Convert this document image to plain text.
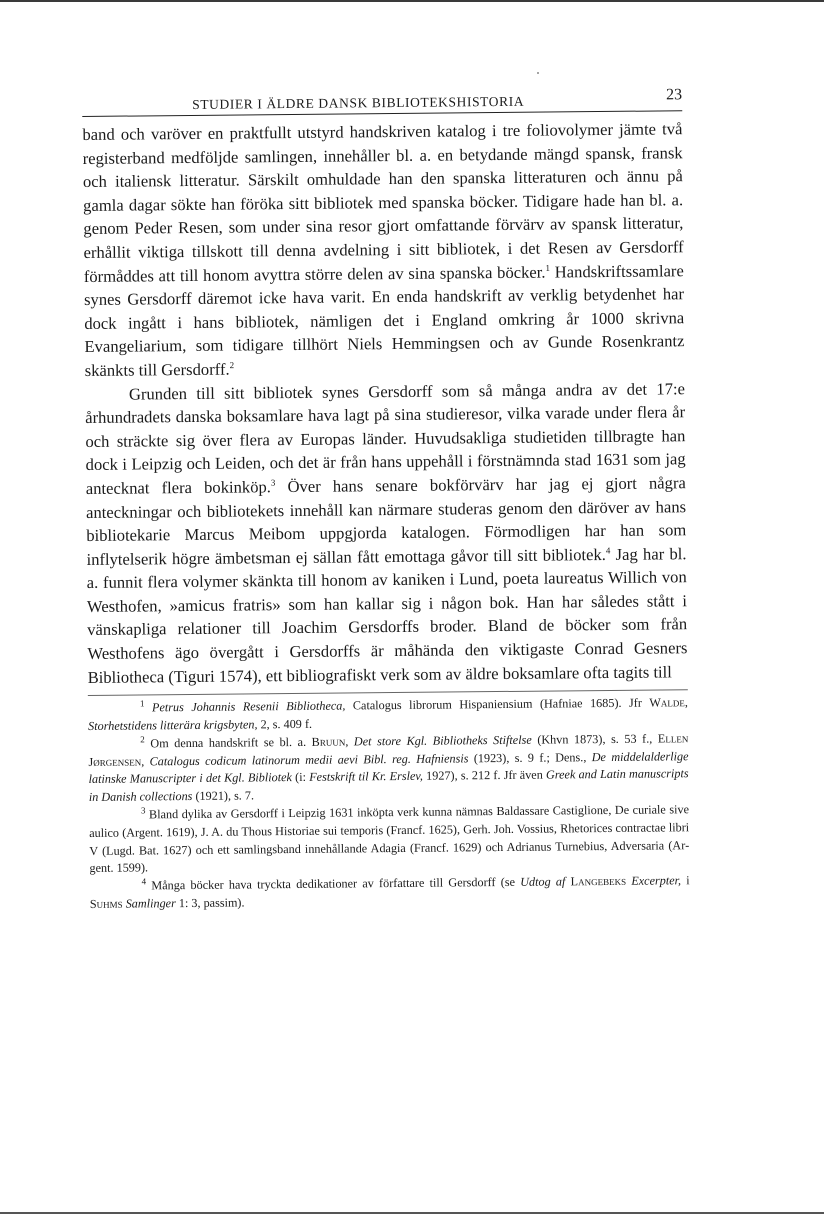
STUDIER I ÄLDRE DANSK BIBLIOTEKSHISTORIA	23

band och varöver en praktfullt utstyrd handskriven katalog i tre foliovolymer jämte två registerband medföljde samlingen, innehåller bl. a. en betydande mängd spansk, fransk och italiensk litteratur. Särskilt omhuldade han den spanska litteraturen och ännu på gamla dagar sökte han föröka sitt bibliotek med spanska böcker. Tidigare hade han bl. a. genom Peder Resen, som under sina resor gjort omfattande förvärv av spansk litteratur, erhållit viktiga tillskott till denna avdelning i sitt bibliotek, i det Resen av Gersdorff förmåddes att till honom avyttra större delen av sina spanska böcker.$^1$ Handskriftssamlare synes Gersdorff däremot icke hava varit. En enda handskrift av verklig betydenhet har dock ingått i hans bibliotek, nämligen det i England omkring år 1000 skrivna Evangeliarium, som tidigare tillhört Niels Hemmingsen och av Gunde Rosenkrantz skänkts till Gersdorff.$^2$

Grunden till sitt bibliotek synes Gersdorff som så många andra av det 17:e århundradets danska boksamlare hava lagt på sina studieresor, vilka varade under flera år och sträckte sig över flera av Europas länder. Huvudsakliga studietiden tillbragte han dock i Leipzig och Leiden, och det är från hans uppehåll i förstnämnda stad 1631 som jag antecknat flera bokinköp.$^3$ Över hans senare bokförvärv har jag ej gjort några anteckningar och bibliotekets innehåll kan närmare studeras genom den däröver av hans bibliotekarie Marcus Meibom uppgjorda katalogen. Förmodligen har han som inflytelserik högre ämbetsman ej sällan fått emottaga gåvor till sitt bibliotek.$^4$ Jag har bl. a. funnit flera volymer skänkta till honom av kaniken i Lund, poeta laureatus Willich von Westhofen, »amicus fratris» som han kallar sig i någon bok. Han har således stått i vänskapliga relationer till Joachim Gersdorffs broder. Bland de böcker som från Westhofens ägo övergått i Gersdorffs är måhända den viktigaste Conrad Gesners Bibliotheca (Tiguri 1574), ett bibliografiskt verk som av äldre boksamlare ofta tagits till

$^1$ Petrus Johannis Resenii Bibliotheca, Catalogus librorum Hispaniensium (Hafniae 1685). Jfr Walde, Storhetstidens litterära krigsbyten, 2, s. 409 f.

$^2$ Om denna handskrift se bl. a. Bruun, Det store Kgl. Bibliotheks Stiftelse (Khvn 1873), s. 53 f., Ellen Jørgensen, Catalogus codicum latinorum medii aevi Bibl. reg. Hafniensis (1923), s. 9 f.; Dens., De middelalderlige latinske Manuscripter i det Kgl. Bibliotek (i: Festskrift til Kr. Erslev, 1927), s. 212 f. Jfr även Greek and Latin manuscripts in Danish collections (1921), s. 7.

$^3$ Bland dylika av Gersdorff i Leipzig 1631 inköpta verk kunna nämnas Baldassare Castiglione, De curiale sive aulico (Argent. 1619), J. A. du Thous Historiae sui temporis (Francf. 1625), Gerh. Joh. Vossius, Rhetorices contractae libri V (Lugd. Bat. 1627) och ett samlingsband innehållande Adagia (Francf. 1629) och Adrianus Turnebius, Adversaria (Argent. 1599).

$^4$ Många böcker hava tryckta dedikationer av författare till Gersdorff (se Udtog af Langebeks Excerpter, i Suhms Samlinger 1: 3, passim).
